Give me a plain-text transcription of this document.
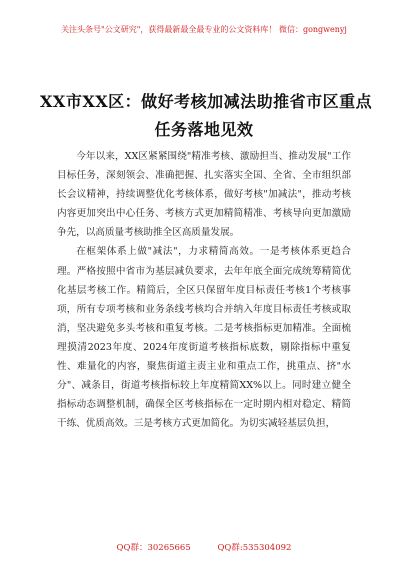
关注头条号"公文研究"，获得最新最全最专业的公文资料库！ 微信：gongwenyj
XX市XX区：做好考核加减法助推省市区重点
任务落地见效

今年以来，XX区紧紧围绕"精准考核、激励担当、推动发展"工作目标任务，深刻领会、准确把握、扎实落实全国、全省、全市组织部长会议精神，持续调整优化考核体系，做好考核"加减法"，推动考核内容更加突出中心任务、考核方式更加精简精准、考核导向更加激励争先，以高质量考核助推全区高质量发展。

在框架体系上做"减法"，力求精简高效。一是考核体系更趋合理。严格按照中省市为基层减负要求，去年年底全面完成统筹精简优化基层考核工作。精简后，全区只保留年度目标责任考核1个考核事项，所有专项考核和业务条线考核均合并纳入年度目标责任考核或取消，坚决避免多头考核和重复考核。二是考核指标更加精准。全面梳理摸清2023年度、2024年度街道考核指标底数，剔除指标中重复性、难量化的内容，聚焦街道主责主业和重点工作，挑重点、挤"水分"、减条目，街道考核指标较上年度精简XX%以上。同时建立健全指标动态调整机制，确保全区考核指标在一定时期内相对稳定、精简干练、优质高效。三是考核方式更加简化。为切实减轻基层负担，

QQ群：30265665	QQ群:535304092
